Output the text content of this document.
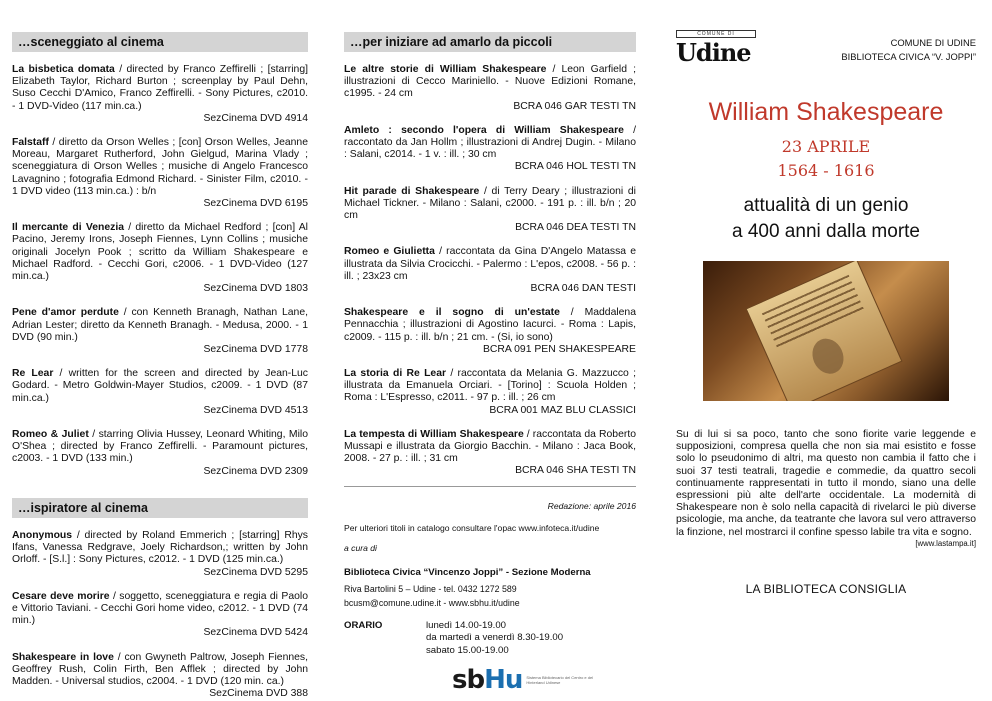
…sceneggiato al cinema
La bisbetica domata / directed by Franco Zeffirelli ; [starring] Elizabeth Taylor, Richard Burton ; screenplay by Paul Dehn, Suso Cecchi D'Amico, Franco Zeffirelli. - Sony Pictures, c2010. - 1 DVD-Video (117 min.ca.)
SezCinema DVD 4914
Falstaff / diretto da Orson Welles ; [con] Orson Welles, Jeanne Moreau, Margaret Rutherford, John Gielgud, Marina Vlady ; sceneggiatura di Orson Welles ; musiche di Angelo Francesco Lavagnino ; fotografia Edmond Richard. - Sinister Film, c2010. - 1 DVD video (113 min.ca.) : b/n
SezCinema DVD 6195
Il mercante di Venezia / diretto da Michael Redford ; [con] Al Pacino, Jeremy Irons, Joseph Fiennes, Lynn Collins ; musiche originali Jocelyn Pook ; scritto da William Shakespeare e Michael Radford. - Cecchi Gori, c2006. - 1 DVD-Video (127 min.ca.)
SezCinema DVD 1803
Pene d'amor perdute / con Kenneth Branagh, Nathan Lane, Adrian Lester; diretto da Kenneth Branagh. - Medusa, 2000. - 1 DVD (90 min.)
SezCinema DVD 1778
Re Lear / written for the screen and directed by Jean-Luc Godard. - Metro Goldwin-Mayer Studios, c2009. - 1 DVD (87 min.ca.)
SezCinema DVD 4513
Romeo & Juliet / starring Olivia Hussey, Leonard Whiting, Milo O'Shea ; directed by Franco Zeffirelli. - Paramount pictures, c2003. - 1 DVD (133 min.)
SezCinema DVD 2309
…ispiratore al cinema
Anonymous / directed by Roland Emmerich ; [starring] Rhys Ifans, Vanessa Redgrave, Joely Richardson,; written by John Orloff. - [S.l.] : Sony Pictures, c2012. - 1 DVD (125 min.ca.)
SezCinema DVD 5295
Cesare deve morire / soggetto, sceneggiatura e regia di Paolo e Vittorio Taviani. - Cecchi Gori home video, c2012. - 1 DVD (74 min.)
SezCinema DVD 5424
Shakespeare in love / con Gwyneth Paltrow, Joseph Fiennes, Geoffrey Rush, Colin Firth, Ben Afflek ; directed by John Madden. - Universal studios, c2004. - 1 DVD (120 min. ca.)
SezCinema DVD 388
…per iniziare ad amarlo da piccoli
Le altre storie di William Shakespeare / Leon Garfield ; illustrazioni di Cecco Mariniello. - Nuove Edizioni Romane, c1995. - 24 cm
BCRA 046 GAR TESTI TN
Amleto : secondo l'opera di William Shakespeare / raccontato da Jan Hollm ; illustrazioni di Andrej Dugin. - Milano : Salani, c2014. - 1 v. : ill. ; 30 cm
BCRA 046 HOL TESTI TN
Hit parade di Shakespeare / di Terry Deary ; illustrazioni di Michael Tickner. - Milano : Salani, c2000. - 191 p. : ill. b/n ; 20 cm
BCRA 046 DEA TESTI TN
Romeo e Giulietta / raccontata da Gina D'Angelo Matassa e illustrata da Silvia Crocicchi. - Palermo : L'epos, c2008. - 56 p. : ill. ; 23x23 cm
BCRA 046 DAN TESTI
Shakespeare e il sogno di un'estate / Maddalena Pennacchia ; illustrazioni di Agostino Iacurci. - Roma : Lapis, c2009. - 115 p. : ill. b/n ; 21 cm. - (Si, io sono)
BCRA 091 PEN SHAKESPEARE
La storia di Re Lear / raccontata da Melania G. Mazzucco ; illustrata da Emanuela Orciari. - [Torino] : Scuola Holden ; Roma : L'Espresso, c2011. - 97 p. : ill. ; 26 cm
BCRA 001 MAZ BLU CLASSICI
La tempesta di William Shakespeare / raccontata da Roberto Mussapi e illustrata da Giorgio Bacchin. - Milano : Jaca Book, 2008. - 27 p. : ill. ; 31 cm
BCRA 046 SHA TESTI TN
Redazione: aprile 2016
Per ulteriori titoli in catalogo consultare l'opac www.infoteca.it/udine
a cura di
Biblioteca Civica “Vincenzo Joppi” - Sezione Moderna
Riva Bartolini 5 – Udine - tel. 0432 1272 589
bcusm@comune.udine.it - www.sbhu.it/udine
ORARIO	lunedì 14.00-19.00
da martedì a venerdì 8.30-19.00
sabato 15.00-19.00
sbHu Sistema Bibliotecario del Centro e del Hinterland Udinese
COMUNE DI
Udine	COMUNE DI UDINE
BIBLIOTECA CIVICA “V. JOPPI”
William Shakespeare
23 APRILE
1564 - 1616
attualità di un genio
a 400 anni dalla morte
Su di lui si sa poco, tanto che sono fiorite varie leggende e supposizioni, compresa quella che non sia mai esistito e fosse solo lo pseudonimo di altri, ma questo non cambia il fatto che i suoi 37 testi teatrali, tragedie e commedie, da quattro secoli continuamente rappresentati in tutto il mondo, siano una delle espressioni più alte dell'arte occidentale. La modernità di Shakespeare non è solo nella capacità di rivelarci le più diverse psicologie, ma anche, da teatrante che lavora sul vero attraverso la finzione, nel mostrarci il confine spesso labile tra vita e sogno.
[www.lastampa.it]
LA BIBLIOTECA CONSIGLIA
